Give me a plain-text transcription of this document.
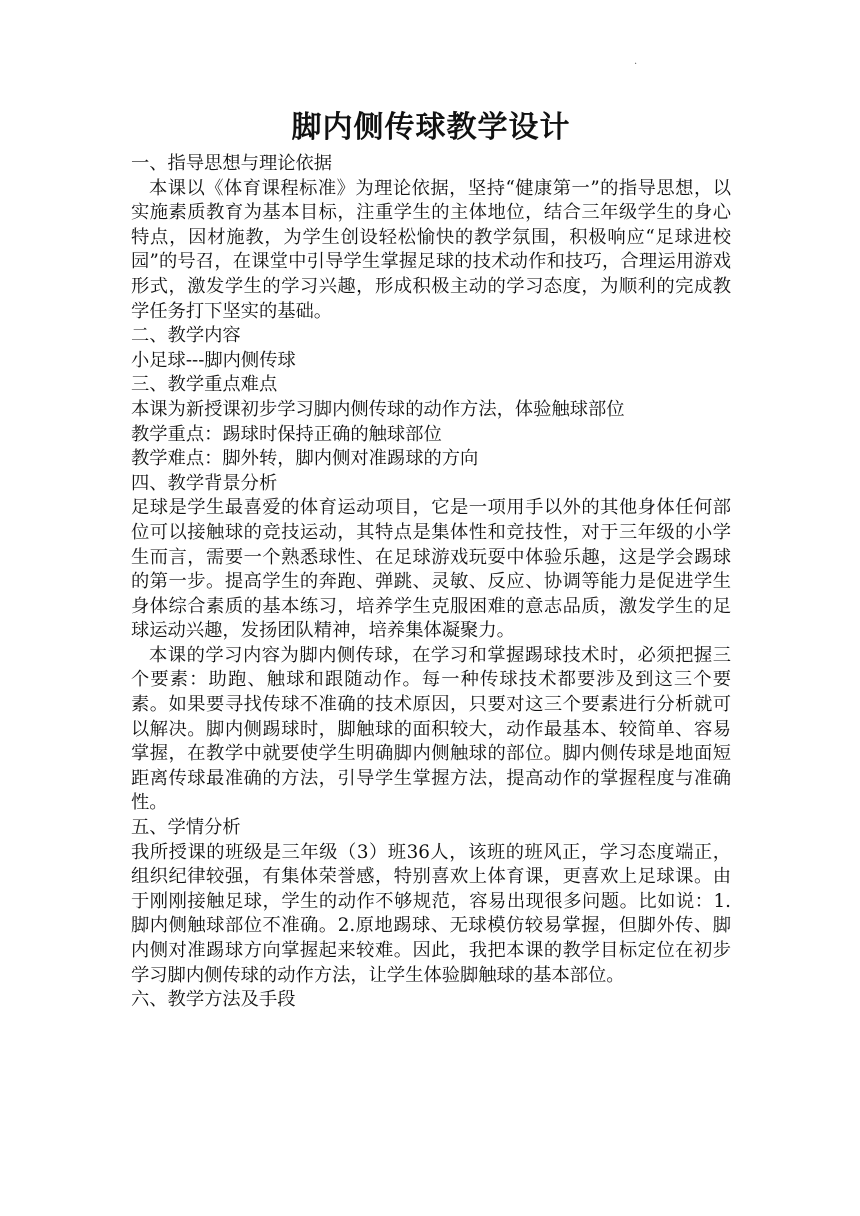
.
脚内侧传球教学设计

一、指导思想与理论依据

本课以《体育课程标准》为理论依据，坚持“健康第一”的指导思想，以实施素质教育为基本目标，注重学生的主体地位，结合三年级学生的身心特点，因材施教，为学生创设轻松愉快的教学氛围，积极响应“足球进校园”的号召，在课堂中引导学生掌握足球的技术动作和技巧，合理运用游戏形式，激发学生的学习兴趣，形成积极主动的学习态度，为顺利的完成教学任务打下坚实的基础。

二、教学内容

小足球---脚内侧传球

三、教学重点难点

本课为新授课初步学习脚内侧传球的动作方法，体验触球部位

教学重点：踢球时保持正确的触球部位

教学难点：脚外转，脚内侧对准踢球的方向

四、教学背景分析

足球是学生最喜爱的体育运动项目，它是一项用手以外的其他身体任何部位可以接触球的竞技运动，其特点是集体性和竞技性，对于三年级的小学生而言，需要一个熟悉球性、在足球游戏玩耍中体验乐趣，这是学会踢球的第一步。提高学生的奔跑、弹跳、灵敏、反应、协调等能力是促进学生身体综合素质的基本练习，培养学生克服困难的意志品质，激发学生的足球运动兴趣，发扬团队精神，培养集体凝聚力。

本课的学习内容为脚内侧传球，在学习和掌握踢球技术时，必须把握三个要素：助跑、触球和跟随动作。每一种传球技术都要涉及到这三个要素。如果要寻找传球不准确的技术原因，只要对这三个要素进行分析就可以解决。脚内侧踢球时，脚触球的面积较大，动作最基本、较简单、容易掌握，在教学中就要使学生明确脚内侧触球的部位。脚内侧传球是地面短距离传球最准确的方法，引导学生掌握方法，提高动作的掌握程度与准确性。

五、学情分析

我所授课的班级是三年级（3）班36人，该班的班风正，学习态度端正，组织纪律较强，有集体荣誉感，特别喜欢上体育课，更喜欢上足球课。由于刚刚接触足球，学生的动作不够规范，容易出现很多问题。比如说：1.脚内侧触球部位不准确。2.原地踢球、无球模仿较易掌握，但脚外传、脚内侧对准踢球方向掌握起来较难。因此，我把本课的教学目标定位在初步学习脚内侧传球的动作方法，让学生体验脚触球的基本部位。

六、教学方法及手段
